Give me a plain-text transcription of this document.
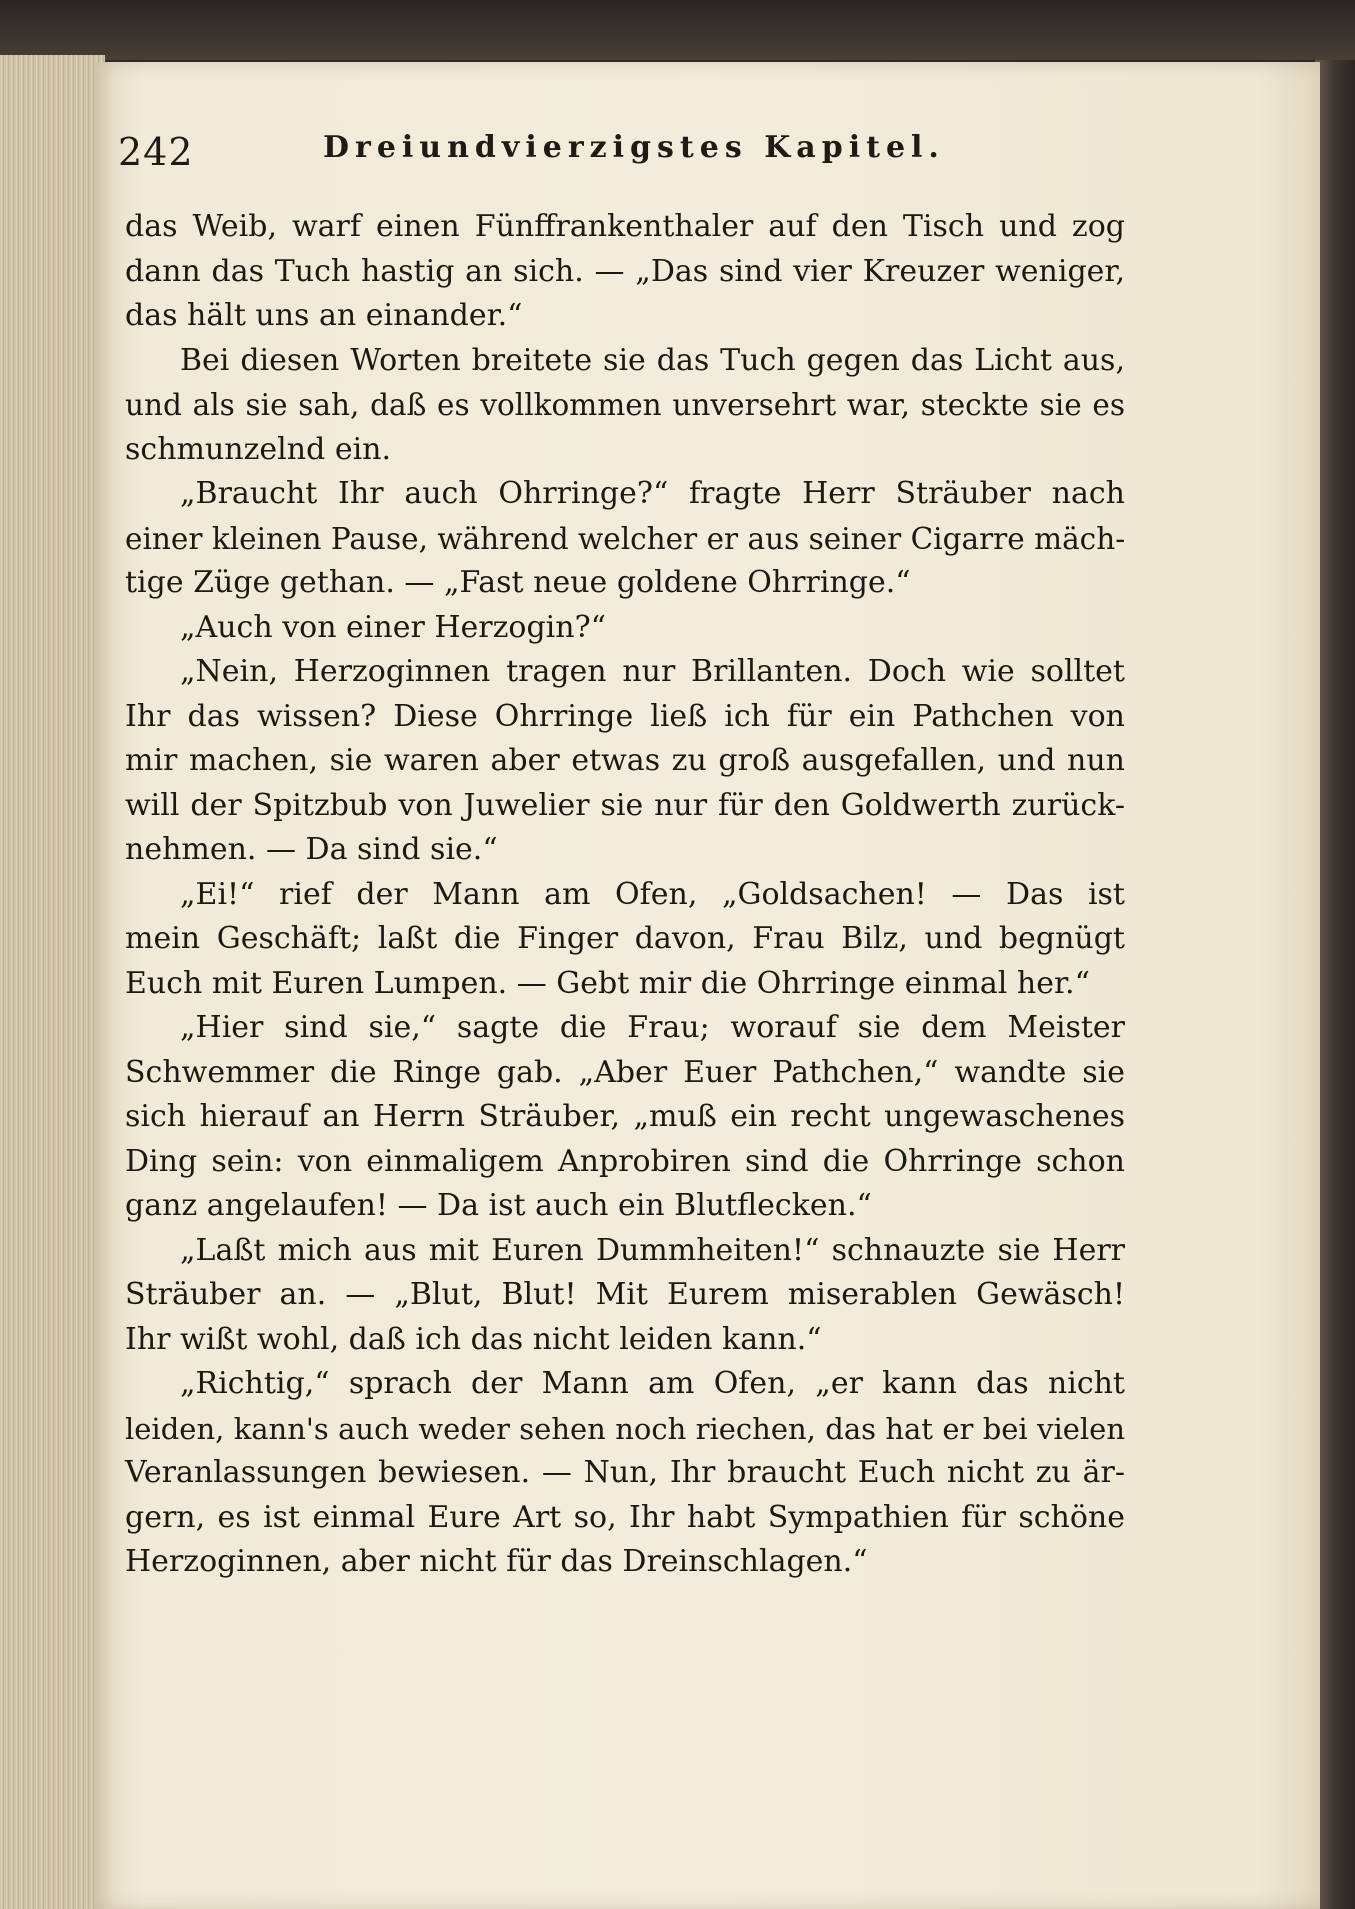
242	Dreiundvierzigstes Kapitel.
das Weib, warf einen Fünffrankenthaler auf den Tisch und zog
dann das Tuch hastig an sich. — „Das sind vier Kreuzer weniger,
das hält uns an einander.“
Bei diesen Worten breitete sie das Tuch gegen das Licht aus,
und als sie sah, daß es vollkommen unversehrt war, steckte sie es
schmunzelnd ein.
„Braucht Ihr auch Ohrringe?“ fragte Herr Sträuber nach
einer kleinen Pause, während welcher er aus seiner Cigarre mäch-
tige Züge gethan. — „Fast neue goldene Ohrringe.“
„Auch von einer Herzogin?“
„Nein, Herzoginnen tragen nur Brillanten. Doch wie solltet
Ihr das wissen? Diese Ohrringe ließ ich für ein Pathchen von
mir machen, sie waren aber etwas zu groß ausgefallen, und nun
will der Spitzbub von Juwelier sie nur für den Goldwerth zurück-
nehmen. — Da sind sie.“
„Ei!“ rief der Mann am Ofen, „Goldsachen! — Das ist
mein Geschäft; laßt die Finger davon, Frau Bilz, und begnügt
Euch mit Euren Lumpen. — Gebt mir die Ohrringe einmal her.“
„Hier sind sie,“ sagte die Frau; worauf sie dem Meister
Schwemmer die Ringe gab. „Aber Euer Pathchen,“ wandte sie
sich hierauf an Herrn Sträuber, „muß ein recht ungewaschenes
Ding sein: von einmaligem Anprobiren sind die Ohrringe schon
ganz angelaufen! — Da ist auch ein Blutflecken.“
„Laßt mich aus mit Euren Dummheiten!“ schnauzte sie Herr
Sträuber an. — „Blut, Blut! Mit Eurem miserablen Gewäsch!
Ihr wißt wohl, daß ich das nicht leiden kann.“
„Richtig,“ sprach der Mann am Ofen, „er kann das nicht
leiden, kann's auch weder sehen noch riechen, das hat er bei vielen
Veranlassungen bewiesen. — Nun, Ihr braucht Euch nicht zu är-
gern, es ist einmal Eure Art so, Ihr habt Sympathien für schöne
Herzoginnen, aber nicht für das Dreinschlagen.“
